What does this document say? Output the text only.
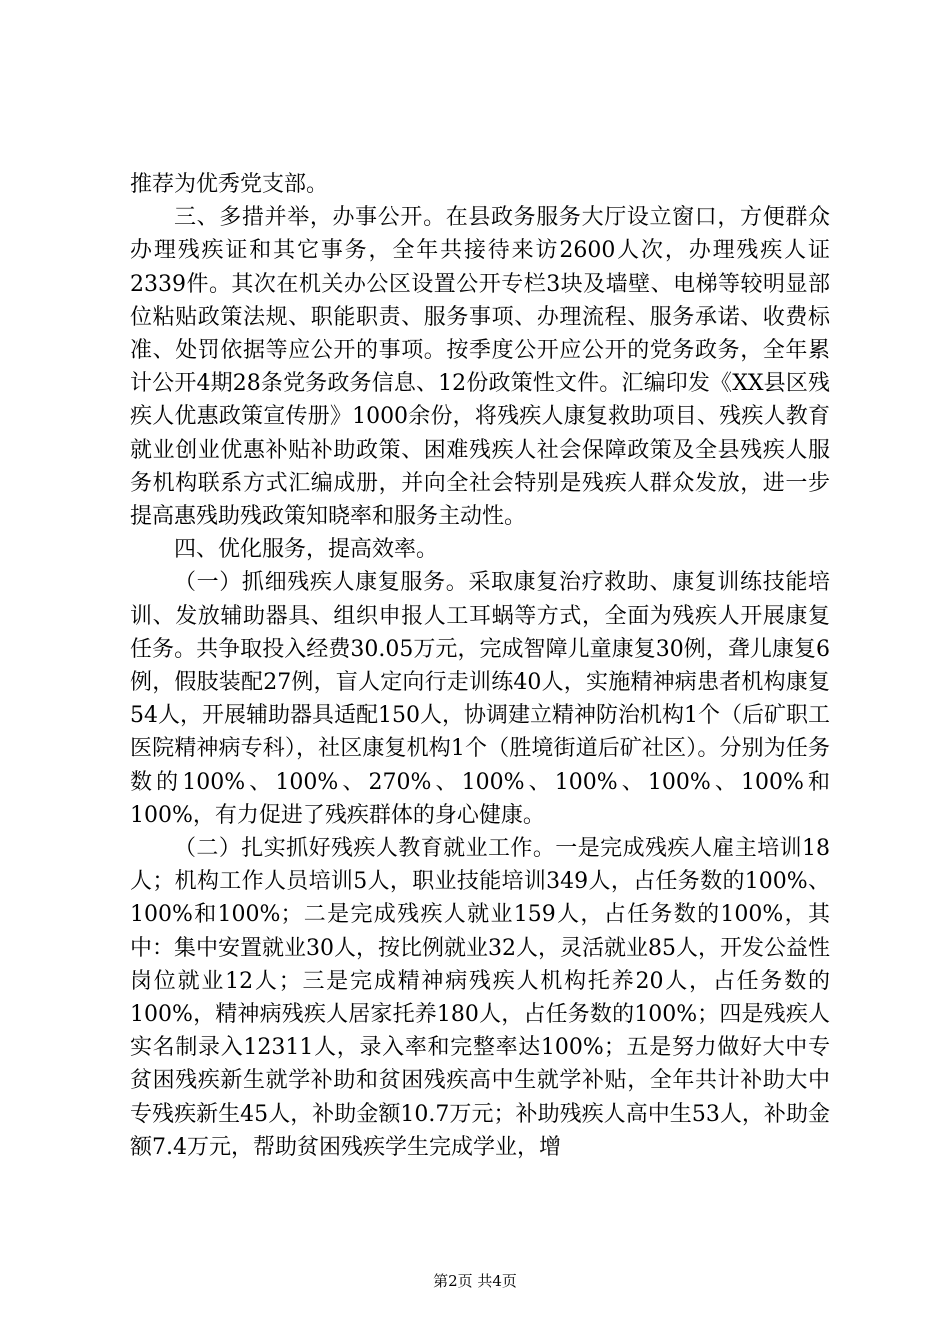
推荐为优秀党支部。

三、多措并举，办事公开。在县政务服务大厅设立窗口，方便群众办理残疾证和其它事务，全年共接待来访2600人次，办理残疾人证2339件。其次在机关办公区设置公开专栏3块及墙壁、电梯等较明显部位粘贴政策法规、职能职责、服务事项、办理流程、服务承诺、收费标准、处罚依据等应公开的事项。按季度公开应公开的党务政务，全年累计公开4期28条党务政务信息、12份政策性文件。汇编印发《XX县区残疾人优惠政策宣传册》1000余份，将残疾人康复救助项目、残疾人教育就业创业优惠补贴补助政策、困难残疾人社会保障政策及全县残疾人服务机构联系方式汇编成册，并向全社会特别是残疾人群众发放，进一步提高惠残助残政策知晓率和服务主动性。

四、优化服务，提高效率。

（一）抓细残疾人康复服务。采取康复治疗救助、康复训练技能培训、发放辅助器具、组织申报人工耳蜗等方式，全面为残疾人开展康复任务。共争取投入经费30.05万元，完成智障儿童康复30例，聋儿康复6例，假肢装配27例，盲人定向行走训练40人，实施精神病患者机构康复54人，开展辅助器具适配150人，协调建立精神防治机构1个（后矿职工医院精神病专科），社区康复机构1个（胜境街道后矿社区）。分别为任务数的100%、100%、270%、100%、100%、100%、100%和100%，有力促进了残疾群体的身心健康。

（二）扎实抓好残疾人教育就业工作。一是完成残疾人雇主培训18人；机构工作人员培训5人，职业技能培训349人，占任务数的100%、100%和100%；二是完成残疾人就业159人，占任务数的100%，其中：集中安置就业30人，按比例就业32人，灵活就业85人，开发公益性岗位就业12人；三是完成精神病残疾人机构托养20人，占任务数的100%，精神病残疾人居家托养180人，占任务数的100%；四是残疾人实名制录入12311人，录入率和完整率达100%；五是努力做好大中专贫困残疾新生就学补助和贫困残疾高中生就学补贴，全年共计补助大中专残疾新生45人，补助金额10.7万元；补助残疾人高中生53人，补助金额7.4万元，帮助贫困残疾学生完成学业，增

第2页 共4页
